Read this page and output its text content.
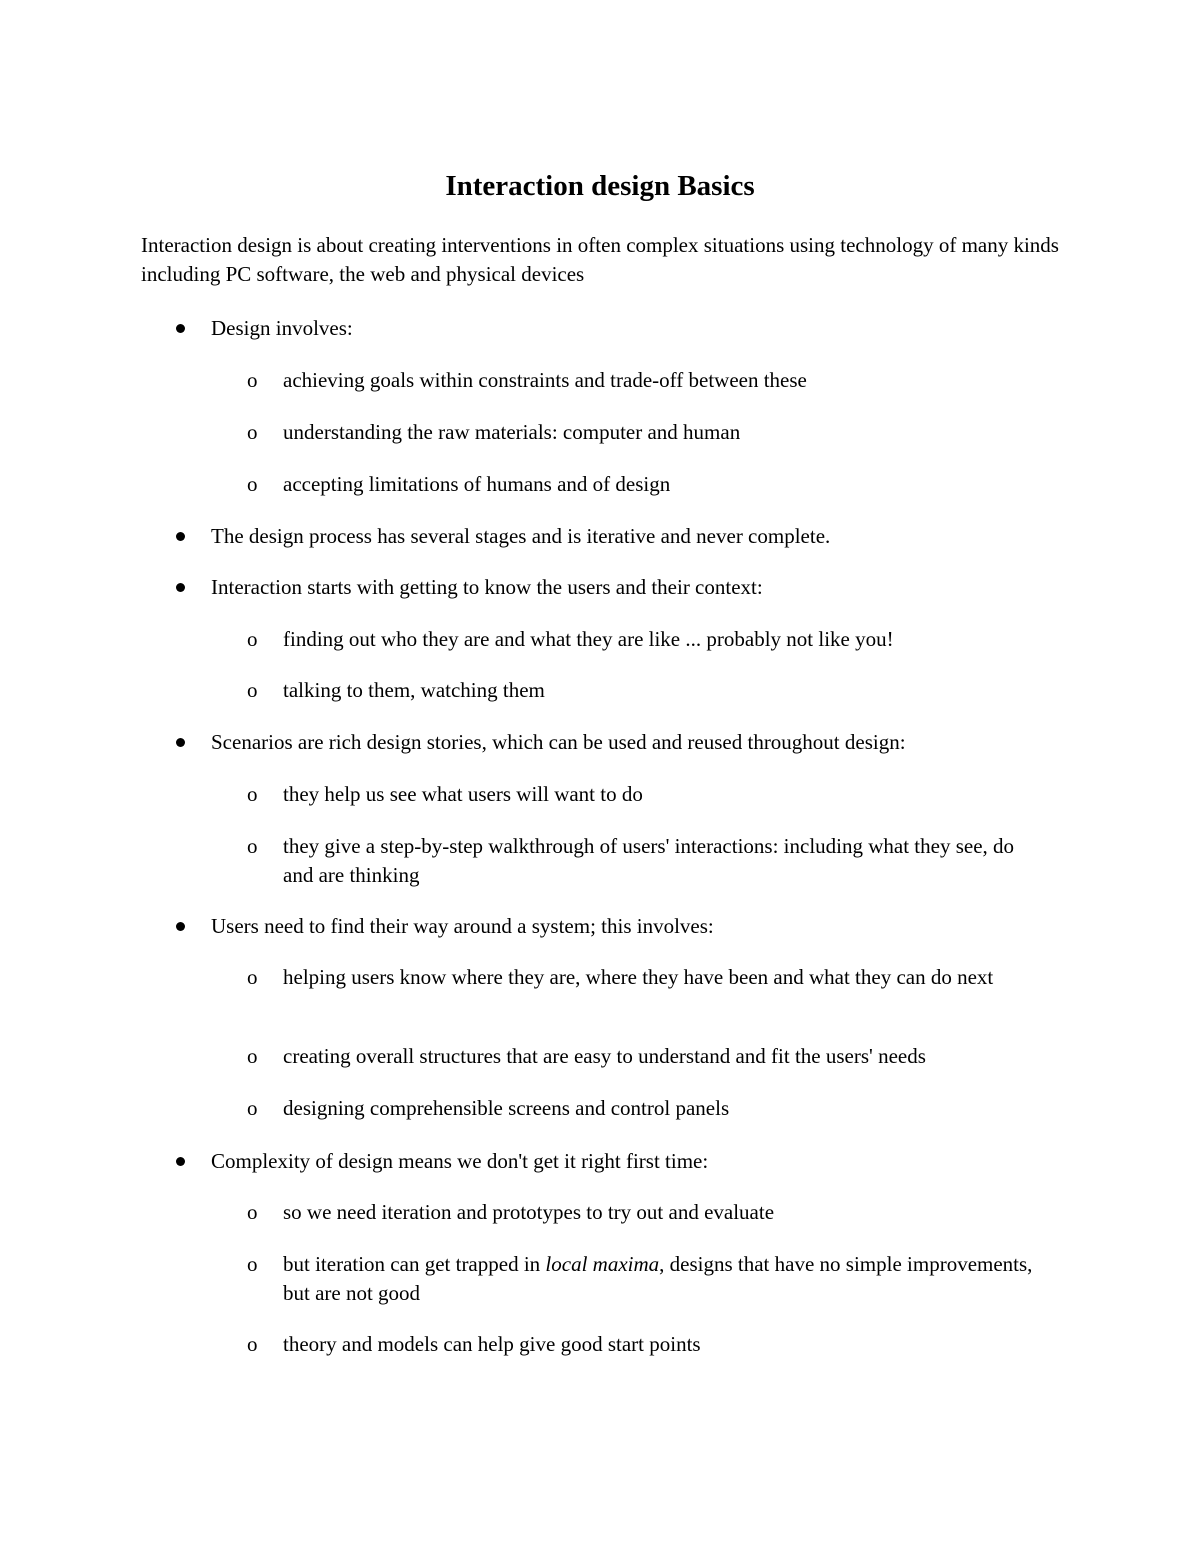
Interaction design Basics
Interaction design is about creating interventions in often complex situations using technology of many kinds including PC software, the web and physical devices
Design involves:
o achieving goals within constraints and trade-off between these
o understanding the raw materials: computer and human
o accepting limitations of humans and of design
The design process has several stages and is iterative and never complete.
Interaction starts with getting to know the users and their context:
o finding out who they are and what they are like ... probably not like you!
o talking to them, watching them
Scenarios are rich design stories, which can be used and reused throughout design:
o they help us see what users will want to do
o they give a step-by-step walkthrough of users' interactions: including what they see, do and are thinking
Users need to find their way around a system; this involves:
o helping users know where they are, where they have been and what they can do next
o creating overall structures that are easy to understand and fit the users' needs
o designing comprehensible screens and control panels
Complexity of design means we don't get it right first time:
o so we need iteration and prototypes to try out and evaluate
o but iteration can get trapped in local maxima, designs that have no simple improvements, but are not good
o theory and models can help give good start points
